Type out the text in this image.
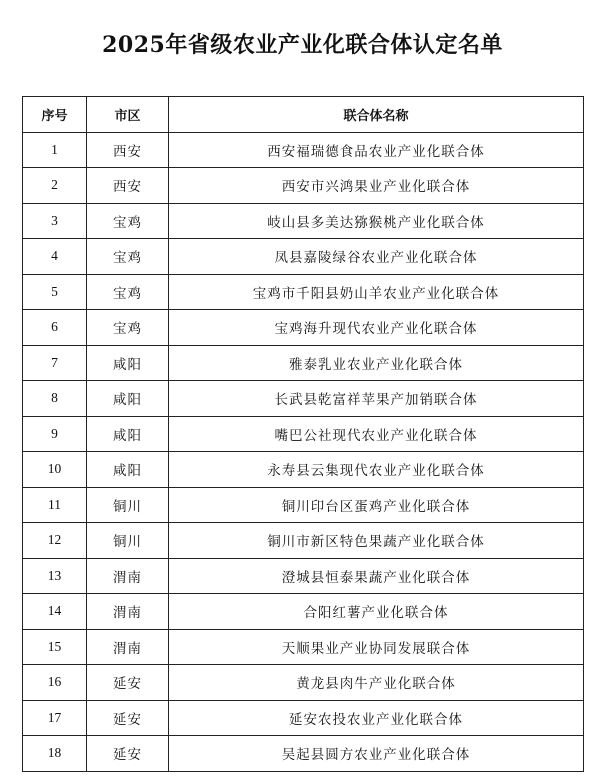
2025年省级农业产业化联合体认定名单
序号	市区	联合体名称
1	西安	西安福瑞德食品农业产业化联合体
2	西安	西安市兴鸿果业产业化联合体
3	宝鸡	岐山县多美达猕猴桃产业化联合体
4	宝鸡	凤县嘉陵绿谷农业产业化联合体
5	宝鸡	宝鸡市千阳县奶山羊农业产业化联合体
6	宝鸡	宝鸡海升现代农业产业化联合体
7	咸阳	雅泰乳业农业产业化联合体
8	咸阳	长武县乾富祥苹果产加销联合体
9	咸阳	嘴巴公社现代农业产业化联合体
10	咸阳	永寿县云集现代农业产业化联合体
11	铜川	铜川印台区蛋鸡产业化联合体
12	铜川	铜川市新区特色果蔬产业化联合体
13	渭南	澄城县恒泰果蔬产业化联合体
14	渭南	合阳红薯产业化联合体
15	渭南	天顺果业产业协同发展联合体
16	延安	黄龙县肉牛产业化联合体
17	延安	延安农投农业产业化联合体
18	延安	吴起县圆方农业产业化联合体
